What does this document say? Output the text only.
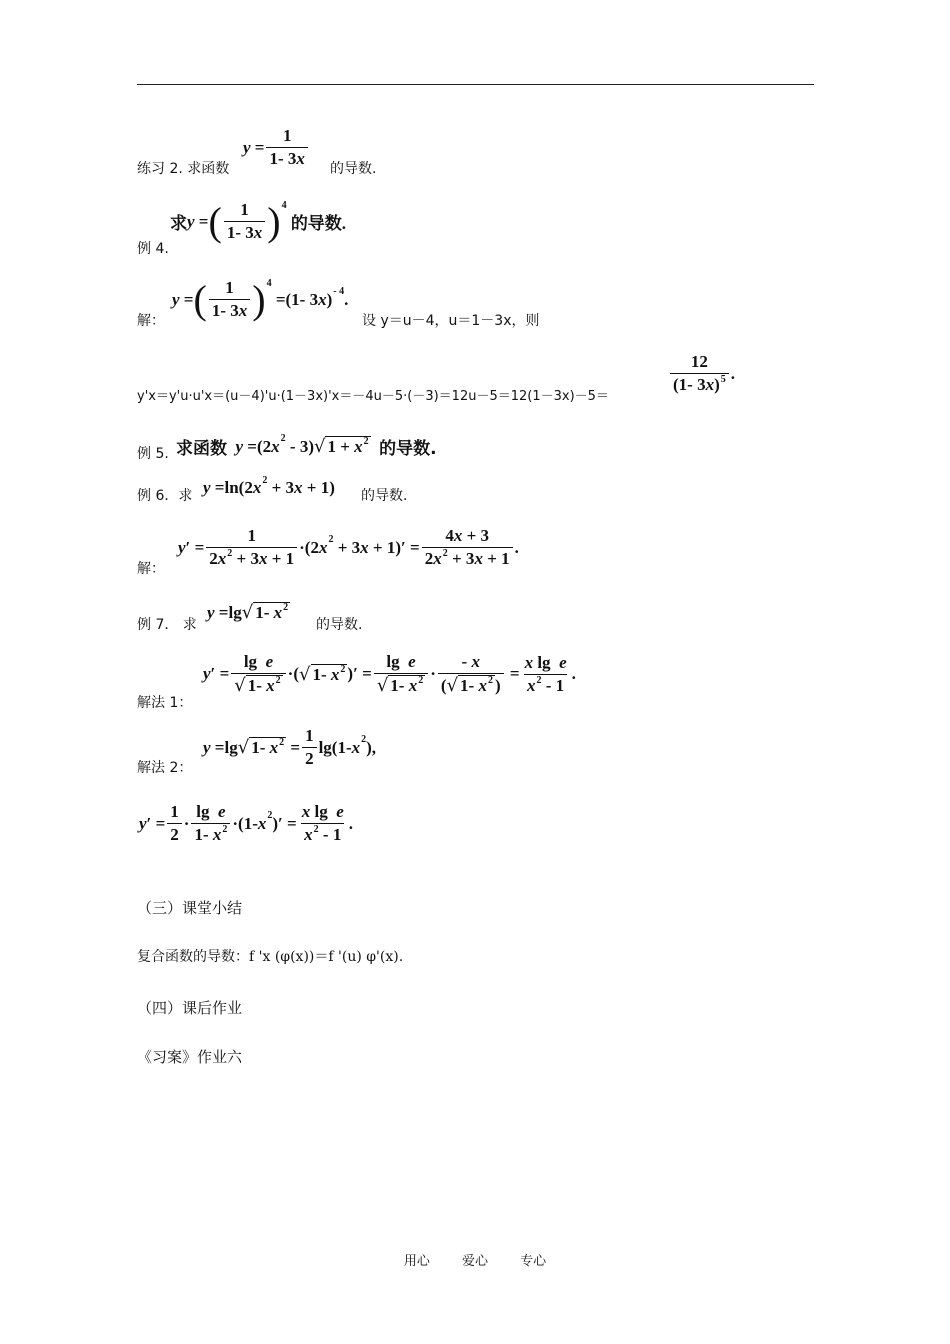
练习 2. 求函数
$y = \frac{1}{1- 3x}$ 的导数.
例 4.
求 y = ( $\frac{1}{1- 3x}$ ) 4

的导数.
解：
y = ( $\frac{1}{1- 3x}$ ) 4
=(1- 3 x ) - 4 .
设 y＝u－4，u＝1－3x，则
y'x＝y'u·u'x＝(u－4)'u·(1－3x)'x＝－4u－5·(－3)＝12u－5＝12(1－3x)－5＝
$\frac{12}{(1- 3x)^5}$ .
例 5. 求函数
y =(2 x 2 - 3) √ $1 + x^2$
的导数.
例 6．求 y =ln(2 x 2 + 3 x + 1) 的导数.
解：
y ′ = $\frac{1}{2x^2 + 3x + 1} \cdot(2$ x 2 + 3 $x + 1)' = \frac{4x + 3}{2x^2 + 3x + 1}$ .
例 7． 求
y =lg √ 1- $x^2$
的导数.
解法 1：
y ′ = $\frac{\text{lg  e}}{√ 1- x^2}$ ·( √ 1- $x^2$ )′ = $\frac{\text{lg  e}}{√ 1- x^2} \cdot \frac{- x}{( √ 1- x^2 )} = \frac{\text{x lg  e}}{x^2 - 1}$ .
解法 2：
y =lg √ 1- $x^2 = \frac{1}{2} \lg(1-$ x 2 ),
y ′ = $\frac{1}{2} \cdot \frac{\text{lg  e}}{1- x^2} \cdot(1-$ x 2 )′ = $\frac{\text{x lg  e}}{x^2 - 1}$ .
（三）课堂小结
复合函数的导数：f 'x (φ(x))＝f '(u) φ'(x).
（四）课后作业
《习案》作业六
用心 爱心 专心
